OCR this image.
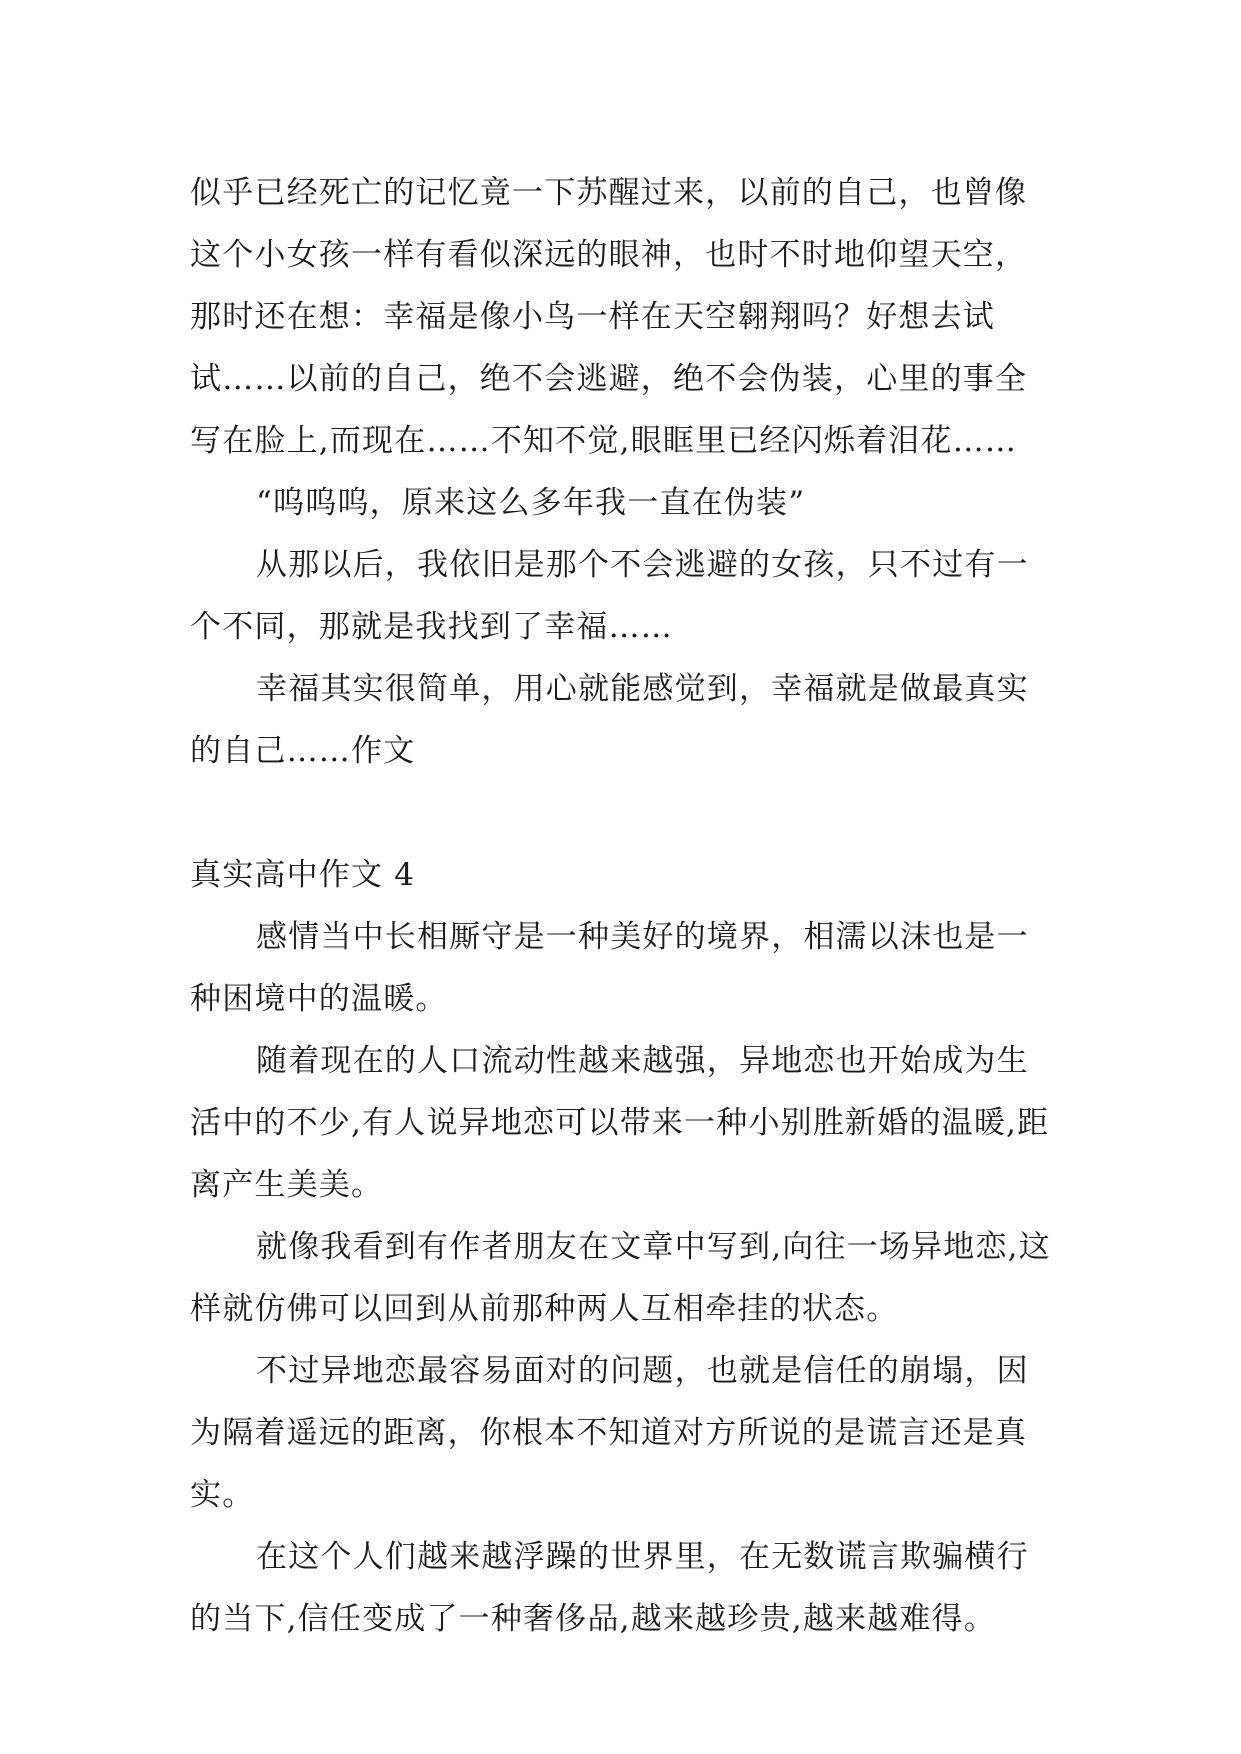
似乎已经死亡的记忆竟一下苏醒过来，以前的自己，也曾像这个小女孩一样有看似深远的眼神，也时不时地仰望天空，那时还在想：幸福是像小鸟一样在天空翱翔吗？好想去试试……以前的自己，绝不会逃避，绝不会伪装，心里的事全写在脸上,而现在……不知不觉,眼眶里已经闪烁着泪花……

“呜呜呜，原来这么多年我一直在伪装”

从那以后，我依旧是那个不会逃避的女孩，只不过有一个不同，那就是我找到了幸福……

幸福其实很简单，用心就能感觉到，幸福就是做最真实的自己……作文

真实高中作文 4

感情当中长相厮守是一种美好的境界，相濡以沫也是一种困境中的温暖。

随着现在的人口流动性越来越强，异地恋也开始成为生活中的不少,有人说异地恋可以带来一种小别胜新婚的温暖,距离产生美美。

就像我看到有作者朋友在文章中写到,向往一场异地恋,这样就仿佛可以回到从前那种两人互相牵挂的状态。

不过异地恋最容易面对的问题，也就是信任的崩塌，因为隔着遥远的距离，你根本不知道对方所说的是谎言还是真实。

在这个人们越来越浮躁的世界里，在无数谎言欺骗横行的当下,信任变成了一种奢侈品,越来越珍贵,越来越难得。
